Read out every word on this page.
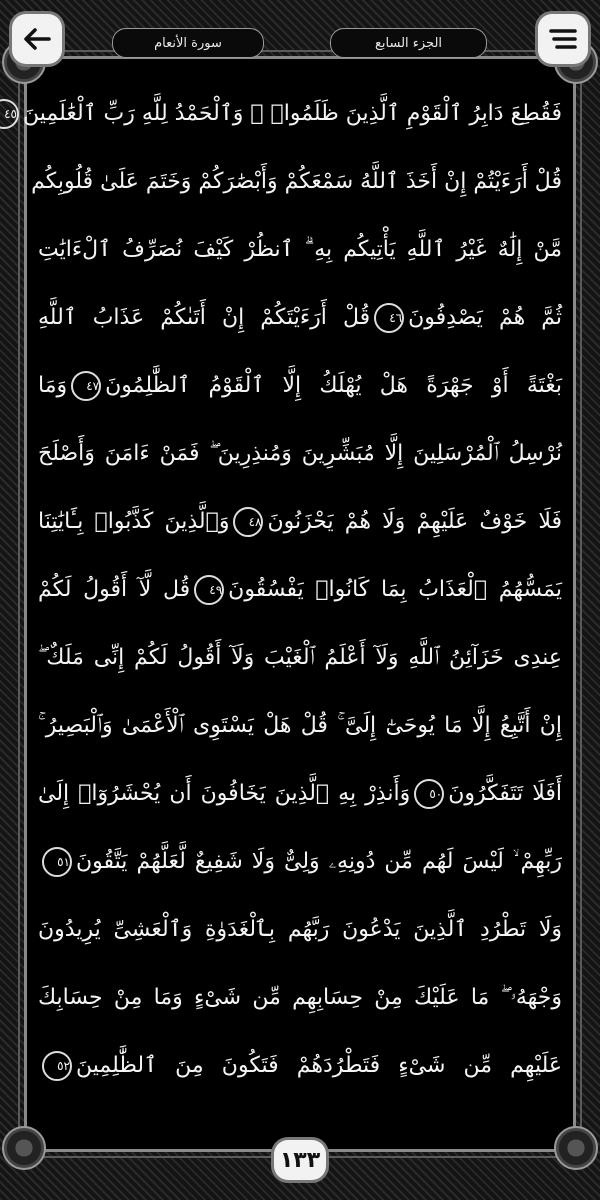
سورة الأنعام	الجزء السابع
فَقُطِعَ دَابِرُ ٱلْقَوْمِ ٱلَّذِينَ ظَلَمُوا۟ ۚ وَٱلْحَمْدُ لِلَّهِ رَبِّ ٱلْعَٰلَمِينَ٤٥
قُلْ أَرَءَيْتُمْ إِنْ أَخَذَ ٱللَّهُ سَمْعَكُمْ وَأَبْصَٰرَكُمْ وَخَتَمَ عَلَىٰ قُلُوبِكُم
مَّنْ إِلَٰهٌ غَيْرُ ٱللَّهِ يَأْتِيكُم بِهِ ۗ ٱنظُرْ كَيْفَ نُصَرِّفُ ٱلْءَايَٰتِ
ثُمَّ هُمْ يَصْدِفُونَ٤٦قُلْ أَرَءَيْتَكُمْ إِنْ أَتَىٰكُمْ عَذَابُ ٱللَّهِ
بَغْتَةً أَوْ جَهْرَةً هَلْ يُهْلَكُ إِلَّا ٱلْقَوْمُ ٱلظَّٰلِمُونَ٤٧وَمَا
نُرْسِلُ ٱلْمُرْسَلِينَ إِلَّا مُبَشِّرِينَ وَمُنذِرِينَ ۖ فَمَنْ ءَامَنَ وَأَصْلَحَ
فَلَا خَوْفٌ عَلَيْهِمْ وَلَا هُمْ يَحْزَنُونَ٤٨وَٱلَّذِينَ كَذَّبُوا۟ بِـَٔايَٰتِنَا
يَمَسُّهُمُ ٱلْعَذَابُ بِمَا كَانُوا۟ يَفْسُقُونَ٤٩قُل لَّآ أَقُولُ لَكُمْ
عِندِى خَزَآئِنُ ٱللَّهِ وَلَآ أَعْلَمُ ٱلْغَيْبَ وَلَآ أَقُولُ لَكُمْ إِنِّى مَلَكٌ ۖ
إِنْ أَتَّبِعُ إِلَّا مَا يُوحَىٰٓ إِلَىَّ ۚ قُلْ هَلْ يَسْتَوِى ٱلْأَعْمَىٰ وَٱلْبَصِيرُ ۚ
أَفَلَا تَتَفَكَّرُونَ٥٠وَأَنذِرْ بِهِ ٱلَّذِينَ يَخَافُونَ أَن يُحْشَرُوٓا۟ إِلَىٰ
رَبِّهِمْ ۙ لَيْسَ لَهُم مِّن دُونِهِۦ وَلِىٌّ وَلَا شَفِيعٌ لَّعَلَّهُمْ يَتَّقُونَ٥١
وَلَا تَطْرُدِ ٱلَّذِينَ يَدْعُونَ رَبَّهُم بِٱلْغَدَوٰةِ وَٱلْعَشِىِّ يُرِيدُونَ
وَجْهَهُۥ ۖ مَا عَلَيْكَ مِنْ حِسَابِهِم مِّن شَىْءٍ وَمَا مِنْ حِسَابِكَ
عَلَيْهِم مِّن شَىْءٍ فَتَطْرُدَهُمْ فَتَكُونَ مِنَ ٱلظَّٰلِمِينَ٥٢
١٣٣
